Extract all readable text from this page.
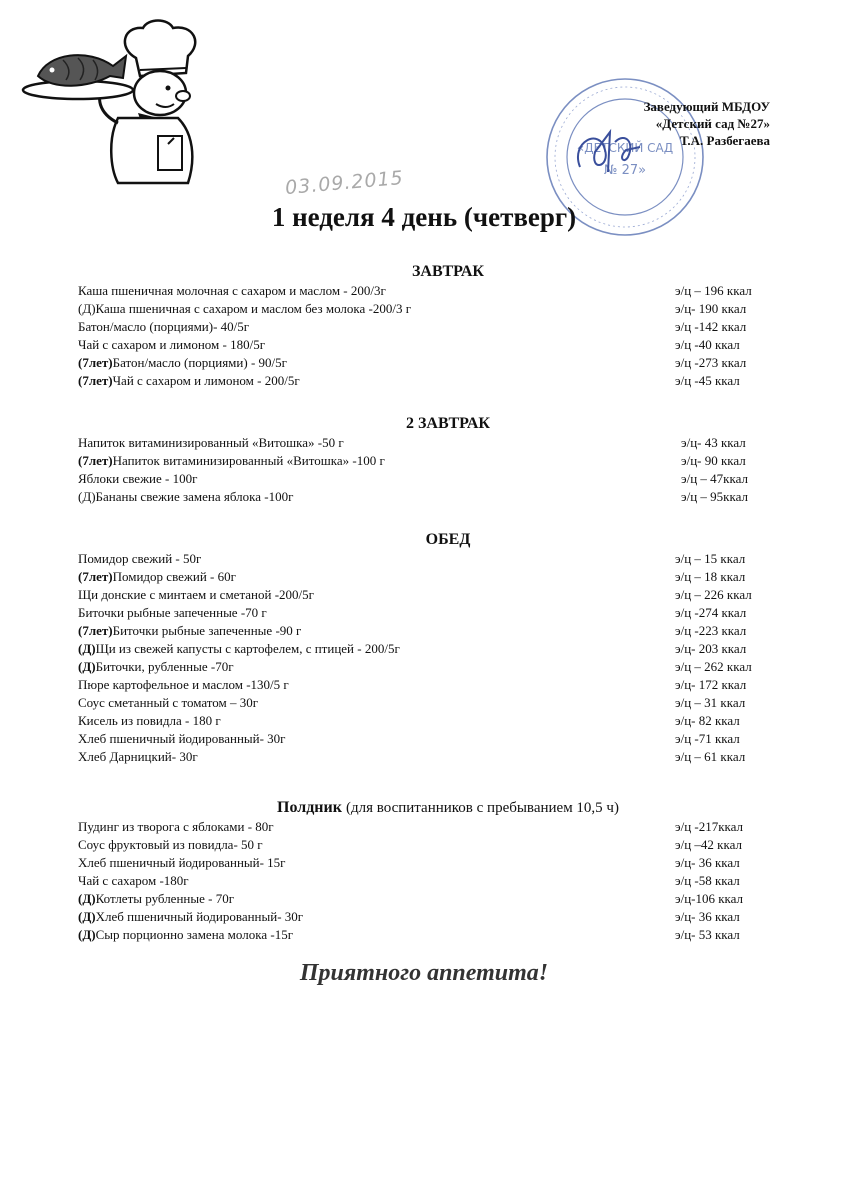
«ДЕТСКИЙ САД
№ 27»
03.09.2015
Заведующий МБДОУ
«Детский сад №27»
Т.А. Разбегаева
1 неделя 4 день (четверг)
ЗАВТРАК
Каша пшеничная молочная с сахаром и маслом - 200/3г	э/ц – 196 ккал
(Д)Каша пшеничная с сахаром и маслом без молока -200/3 г	э/ц- 190 ккал
Батон/масло (порциями)- 40/5г	э/ц -142 ккал
Чай с сахаром и лимоном - 180/5г	э/ц -40 ккал
(7лет)Батон/масло (порциями) - 90/5г	э/ц -273 ккал
(7лет)Чай с сахаром и лимоном - 200/5г	э/ц -45 ккал
2 ЗАВТРАК
Напиток витаминизированный «Витошка» -50 г	э/ц- 43 ккал
(7лет)Напиток витаминизированный «Витошка» -100 г	э/ц- 90 ккал
Яблоки свежие - 100г	э/ц – 47ккал
(Д)Бананы свежие замена яблока -100г	э/ц – 95ккал
ОБЕД
Помидор свежий - 50г	э/ц – 15 ккал
(7лет)Помидор свежий - 60г	э/ц – 18 ккал
Щи донские с минтаем и сметаной -200/5г	э/ц – 226 ккал
Биточки рыбные запеченные -70 г	э/ц -274 ккал
(7лет)Биточки рыбные запеченные -90 г	э/ц -223 ккал
(Д)Щи из свежей капусты с картофелем, с птицей - 200/5г	э/ц- 203 ккал
(Д)Биточки, рубленные -70г	э/ц – 262 ккал
Пюре картофельное и маслом -130/5 г	э/ц- 172 ккал
Соус сметанный с томатом – 30г	э/ц – 31 ккал
Кисель из повидла - 180 г	э/ц- 82 ккал
Хлеб пшеничный йодированный- 30г	э/ц -71 ккал
Хлеб Дарницкий- 30г	э/ц – 61 ккал
Полдник (для воспитанников с пребыванием 10,5 ч)
Пудинг из творога с яблоками - 80г	э/ц -217ккал
Соус фруктовый из повидла- 50 г	э/ц –42 ккал
Хлеб пшеничный йодированный- 15г	э/ц- 36 ккал
Чай с сахаром -180г	э/ц -58 ккал
(Д)Котлеты рубленные - 70г	э/ц-106 ккал
(Д)Хлеб пшеничный йодированный- 30г	э/ц- 36 ккал
(Д)Сыр порционно замена молока -15г	э/ц- 53 ккал
Приятного аппетита!
